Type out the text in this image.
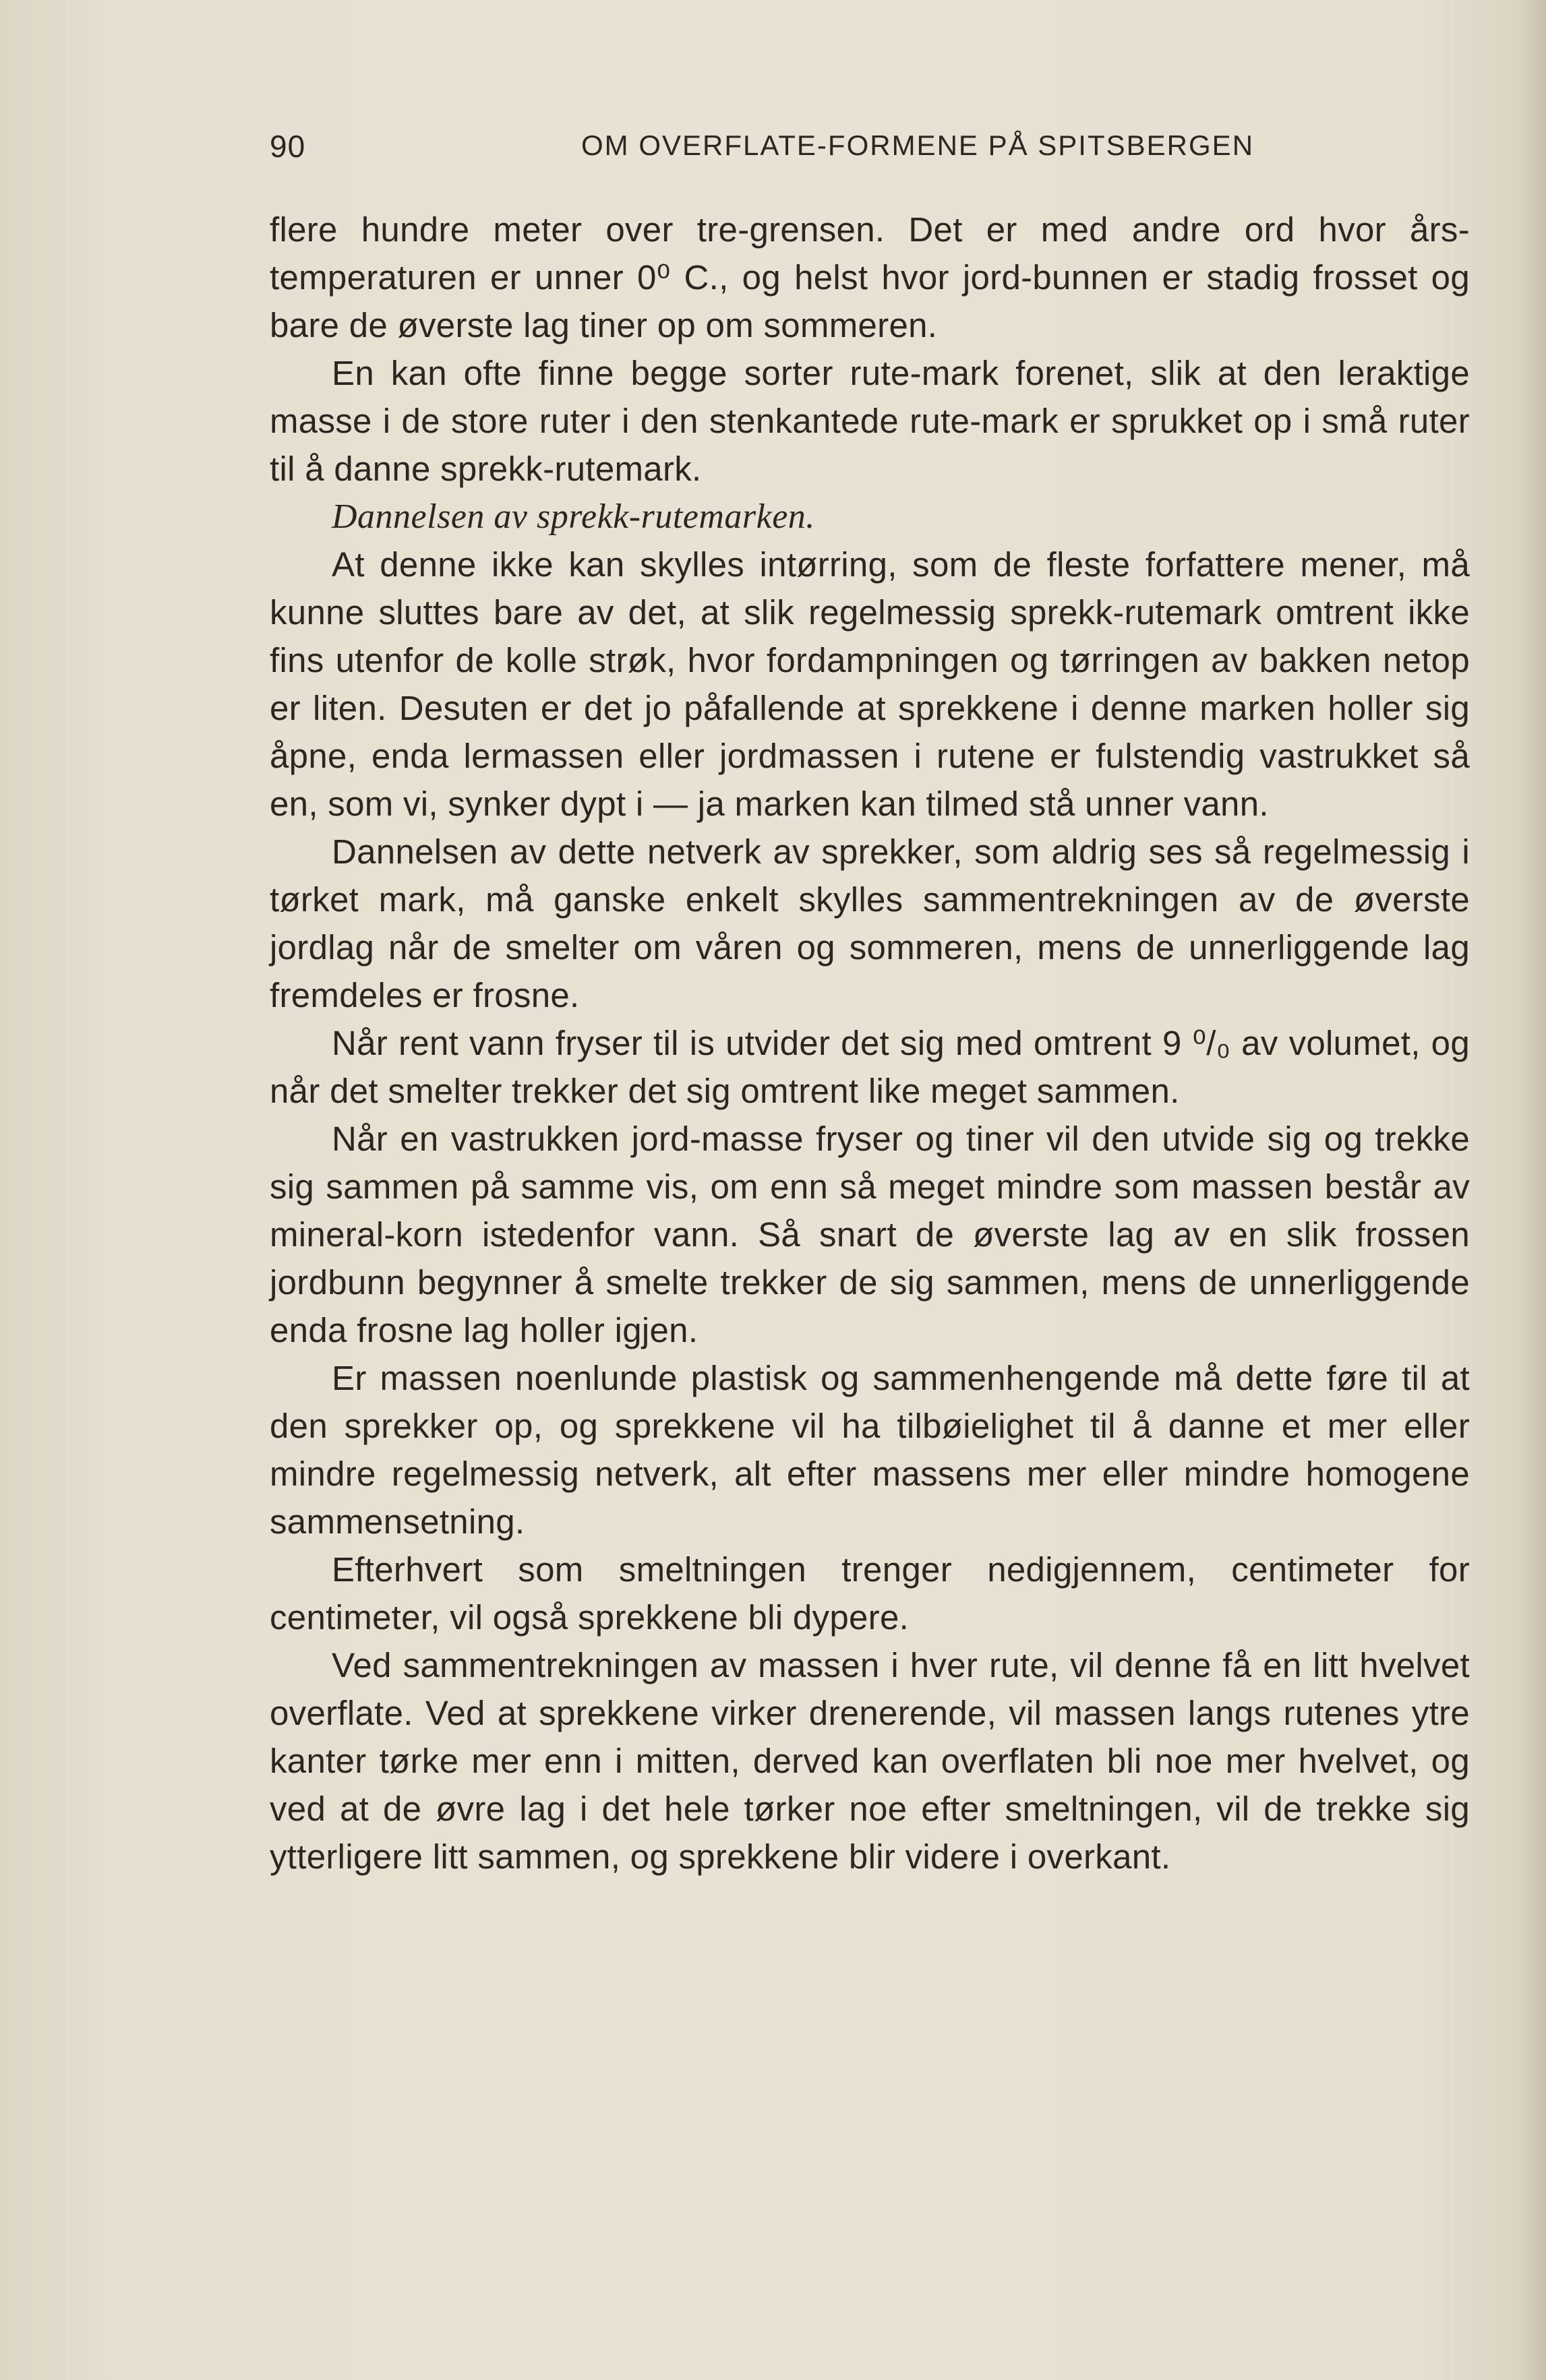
90	OM OVERFLATE-FORMENE PÅ SPITSBERGEN

flere hundre meter over tre-grensen. Det er med andre ord hvor års-temperaturen er unner 0⁰ C., og helst hvor jord-bunnen er stadig frosset og bare de øverste lag tiner op om sommeren.

En kan ofte finne begge sorter rute-mark forenet, slik at den leraktige masse i de store ruter i den stenkantede rute-mark er sprukket op i små ruter til å danne sprekk-rutemark.

Dannelsen av sprekk-rutemarken.

At denne ikke kan skylles intørring, som de fleste forfattere mener, må kunne sluttes bare av det, at slik regelmessig sprekk-rutemark omtrent ikke fins utenfor de kolle strøk, hvor fordampningen og tørringen av bakken netop er liten. Desuten er det jo påfallende at sprekkene i denne marken holler sig åpne, enda lermassen eller jordmassen i rutene er fulstendig vastrukket så en, som vi, synker dypt i — ja marken kan tilmed stå unner vann.

Dannelsen av dette netverk av sprekker, som aldrig ses så regelmessig i tørket mark, må ganske enkelt skylles sammentrekningen av de øverste jordlag når de smelter om våren og sommeren, mens de unnerliggende lag fremdeles er frosne.

Når rent vann fryser til is utvider det sig med omtrent 9 ⁰/₀ av volumet, og når det smelter trekker det sig omtrent like meget sammen.

Når en vastrukken jord-masse fryser og tiner vil den utvide sig og trekke sig sammen på samme vis, om enn så meget mindre som massen består av mineral-korn istedenfor vann. Så snart de øverste lag av en slik frossen jordbunn begynner å smelte trekker de sig sammen, mens de unnerliggende enda frosne lag holler igjen.

Er massen noenlunde plastisk og sammenhengende må dette føre til at den sprekker op, og sprekkene vil ha tilbøielighet til å danne et mer eller mindre regelmessig netverk, alt efter massens mer eller mindre homogene sammensetning.

Efterhvert som smeltningen trenger nedigjennem, centimeter for centimeter, vil også sprekkene bli dypere.

Ved sammentrekningen av massen i hver rute, vil denne få en litt hvelvet overflate. Ved at sprekkene virker drenerende, vil massen langs rutenes ytre kanter tørke mer enn i mitten, derved kan overflaten bli noe mer hvelvet, og ved at de øvre lag i det hele tørker noe efter smeltningen, vil de trekke sig ytterligere litt sammen, og sprekkene blir videre i overkant.
